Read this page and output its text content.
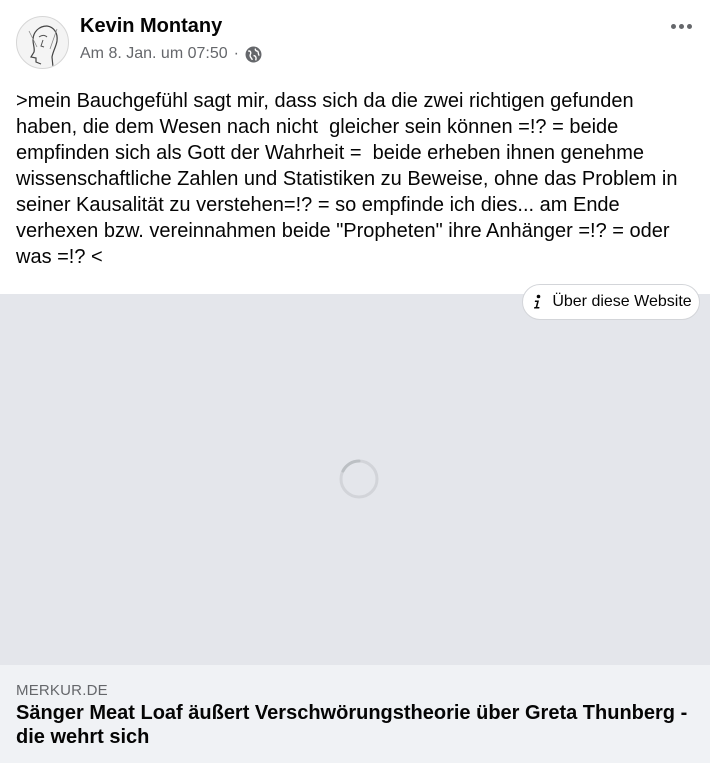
Kevin Montany
Am 8. Jan. um 07:50 ·
>mein Bauchgefühl sagt mir, dass sich da die zwei richtigen gefunden haben, die dem Wesen nach nicht  gleicher sein können =!? = beide empfinden sich als Gott der Wahrheit =  beide erheben ihnen genehme wissenschaftliche Zahlen und Statistiken zu Beweise, ohne das Problem in seiner Kausalität zu verstehen=!? = so empfinde ich dies... am Ende verhexen bzw. vereinnahmen beide "Propheten" ihre Anhänger =!? = oder was =!? <
Über diese Website
MERKUR.DE
Sänger Meat Loaf äußert Verschwörungstheorie über Greta Thunberg - die wehrt sich
